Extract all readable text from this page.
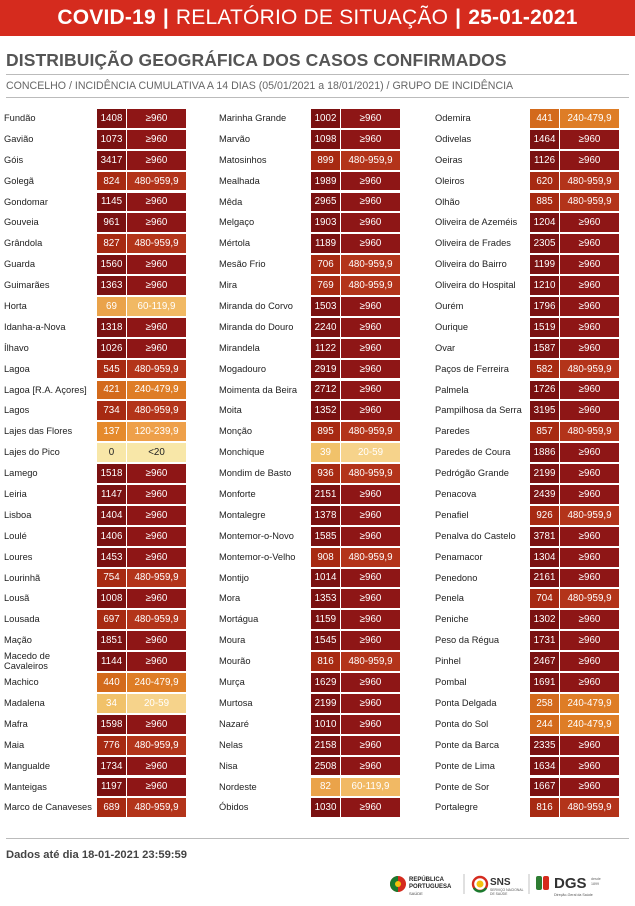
COVID-19 | RELATÓRIO DE SITUAÇÃO | 25-01-2021
DISTRIBUIÇÃO GEOGRÁFICA DOS CASOS CONFIRMADOS
CONCELHO / INCIDÊNCIA CUMULATIVA A 14 DIAS (05/01/2021 a 18/01/2021) / GRUPO DE INCIDÊNCIA
Fundão	1408	≥960
Gavião	1073	≥960
Góis	3417	≥960
Golegã	824	480-959,9
Gondomar	1145	≥960
Gouveia	961	≥960
Grândola	827	480-959,9
Guarda	1560	≥960
Guimarães	1363	≥960
Horta	69	60-119,9
Idanha-a-Nova	1318	≥960
Ílhavo	1026	≥960
Lagoa	545	480-959,9
Lagoa [R.A. Açores]	421	240-479,9
Lagos	734	480-959,9
Lajes das Flores	137	120-239,9
Lajes do Pico	0	<20
Lamego	1518	≥960
Leiria	1147	≥960
Lisboa	1404	≥960
Loulé	1406	≥960
Loures	1453	≥960
Lourinhã	754	480-959,9
Lousã	1008	≥960
Lousada	697	480-959,9
Mação	1851	≥960
Macedo de Cavaleiros	1144	≥960
Machico	440	240-479,9
Madalena	34	20-59
Mafra	1598	≥960
Maia	776	480-959,9
Mangualde	1734	≥960
Manteigas	1197	≥960
Marco de Canaveses	689	480-959,9
Marinha Grande	1002	≥960
Marvão	1098	≥960
Matosinhos	899	480-959,9
Mealhada	1989	≥960
Mêda	2965	≥960
Melgaço	1903	≥960
Mértola	1189	≥960
Mesão Frio	706	480-959,9
Mira	769	480-959,9
Miranda do Corvo	1503	≥960
Miranda do Douro	2240	≥960
Mirandela	1122	≥960
Mogadouro	2919	≥960
Moimenta da Beira	2712	≥960
Moita	1352	≥960
Monção	895	480-959,9
Monchique	39	20-59
Mondim de Basto	936	480-959,9
Monforte	2151	≥960
Montalegre	1378	≥960
Montemor-o-Novo	1585	≥960
Montemor-o-Velho	908	480-959,9
Montijo	1014	≥960
Mora	1353	≥960
Mortágua	1159	≥960
Moura	1545	≥960
Mourão	816	480-959,9
Murça	1629	≥960
Murtosa	2199	≥960
Nazaré	1010	≥960
Nelas	2158	≥960
Nisa	2508	≥960
Nordeste	82	60-119,9
Óbidos	1030	≥960
Odemira	441	240-479,9
Odivelas	1464	≥960
Oeiras	1126	≥960
Oleiros	620	480-959,9
Olhão	885	480-959,9
Oliveira de Azeméis	1204	≥960
Oliveira de Frades	2305	≥960
Oliveira do Bairro	1199	≥960
Oliveira do Hospital	1210	≥960
Ourém	1796	≥960
Ourique	1519	≥960
Ovar	1587	≥960
Paços de Ferreira	582	480-959,9
Palmela	1726	≥960
Pampilhosa da Serra	3195	≥960
Paredes	857	480-959,9
Paredes de Coura	1886	≥960
Pedrógão Grande	2199	≥960
Penacova	2439	≥960
Penafiel	926	480-959,9
Penalva do Castelo	3781	≥960
Penamacor	1304	≥960
Penedono	2161	≥960
Penela	704	480-959,9
Peniche	1302	≥960
Peso da Régua	1731	≥960
Pinhel	2467	≥960
Pombal	1691	≥960
Ponta Delgada	258	240-479,9
Ponta do Sol	244	240-479,9
Ponte da Barca	2335	≥960
Ponte de Lima	1634	≥960
Ponte de Sor	1667	≥960
Portalegre	816	480-959,9
Dados até dia 18-01-2021 23:59:59
REPÚBLICA
PORTUGUESA
SAÚDE
SNS
SERVIÇO NACIONAL
DE SAÚDE
DGS
Direção-Geral da Saúde
desde
1899
